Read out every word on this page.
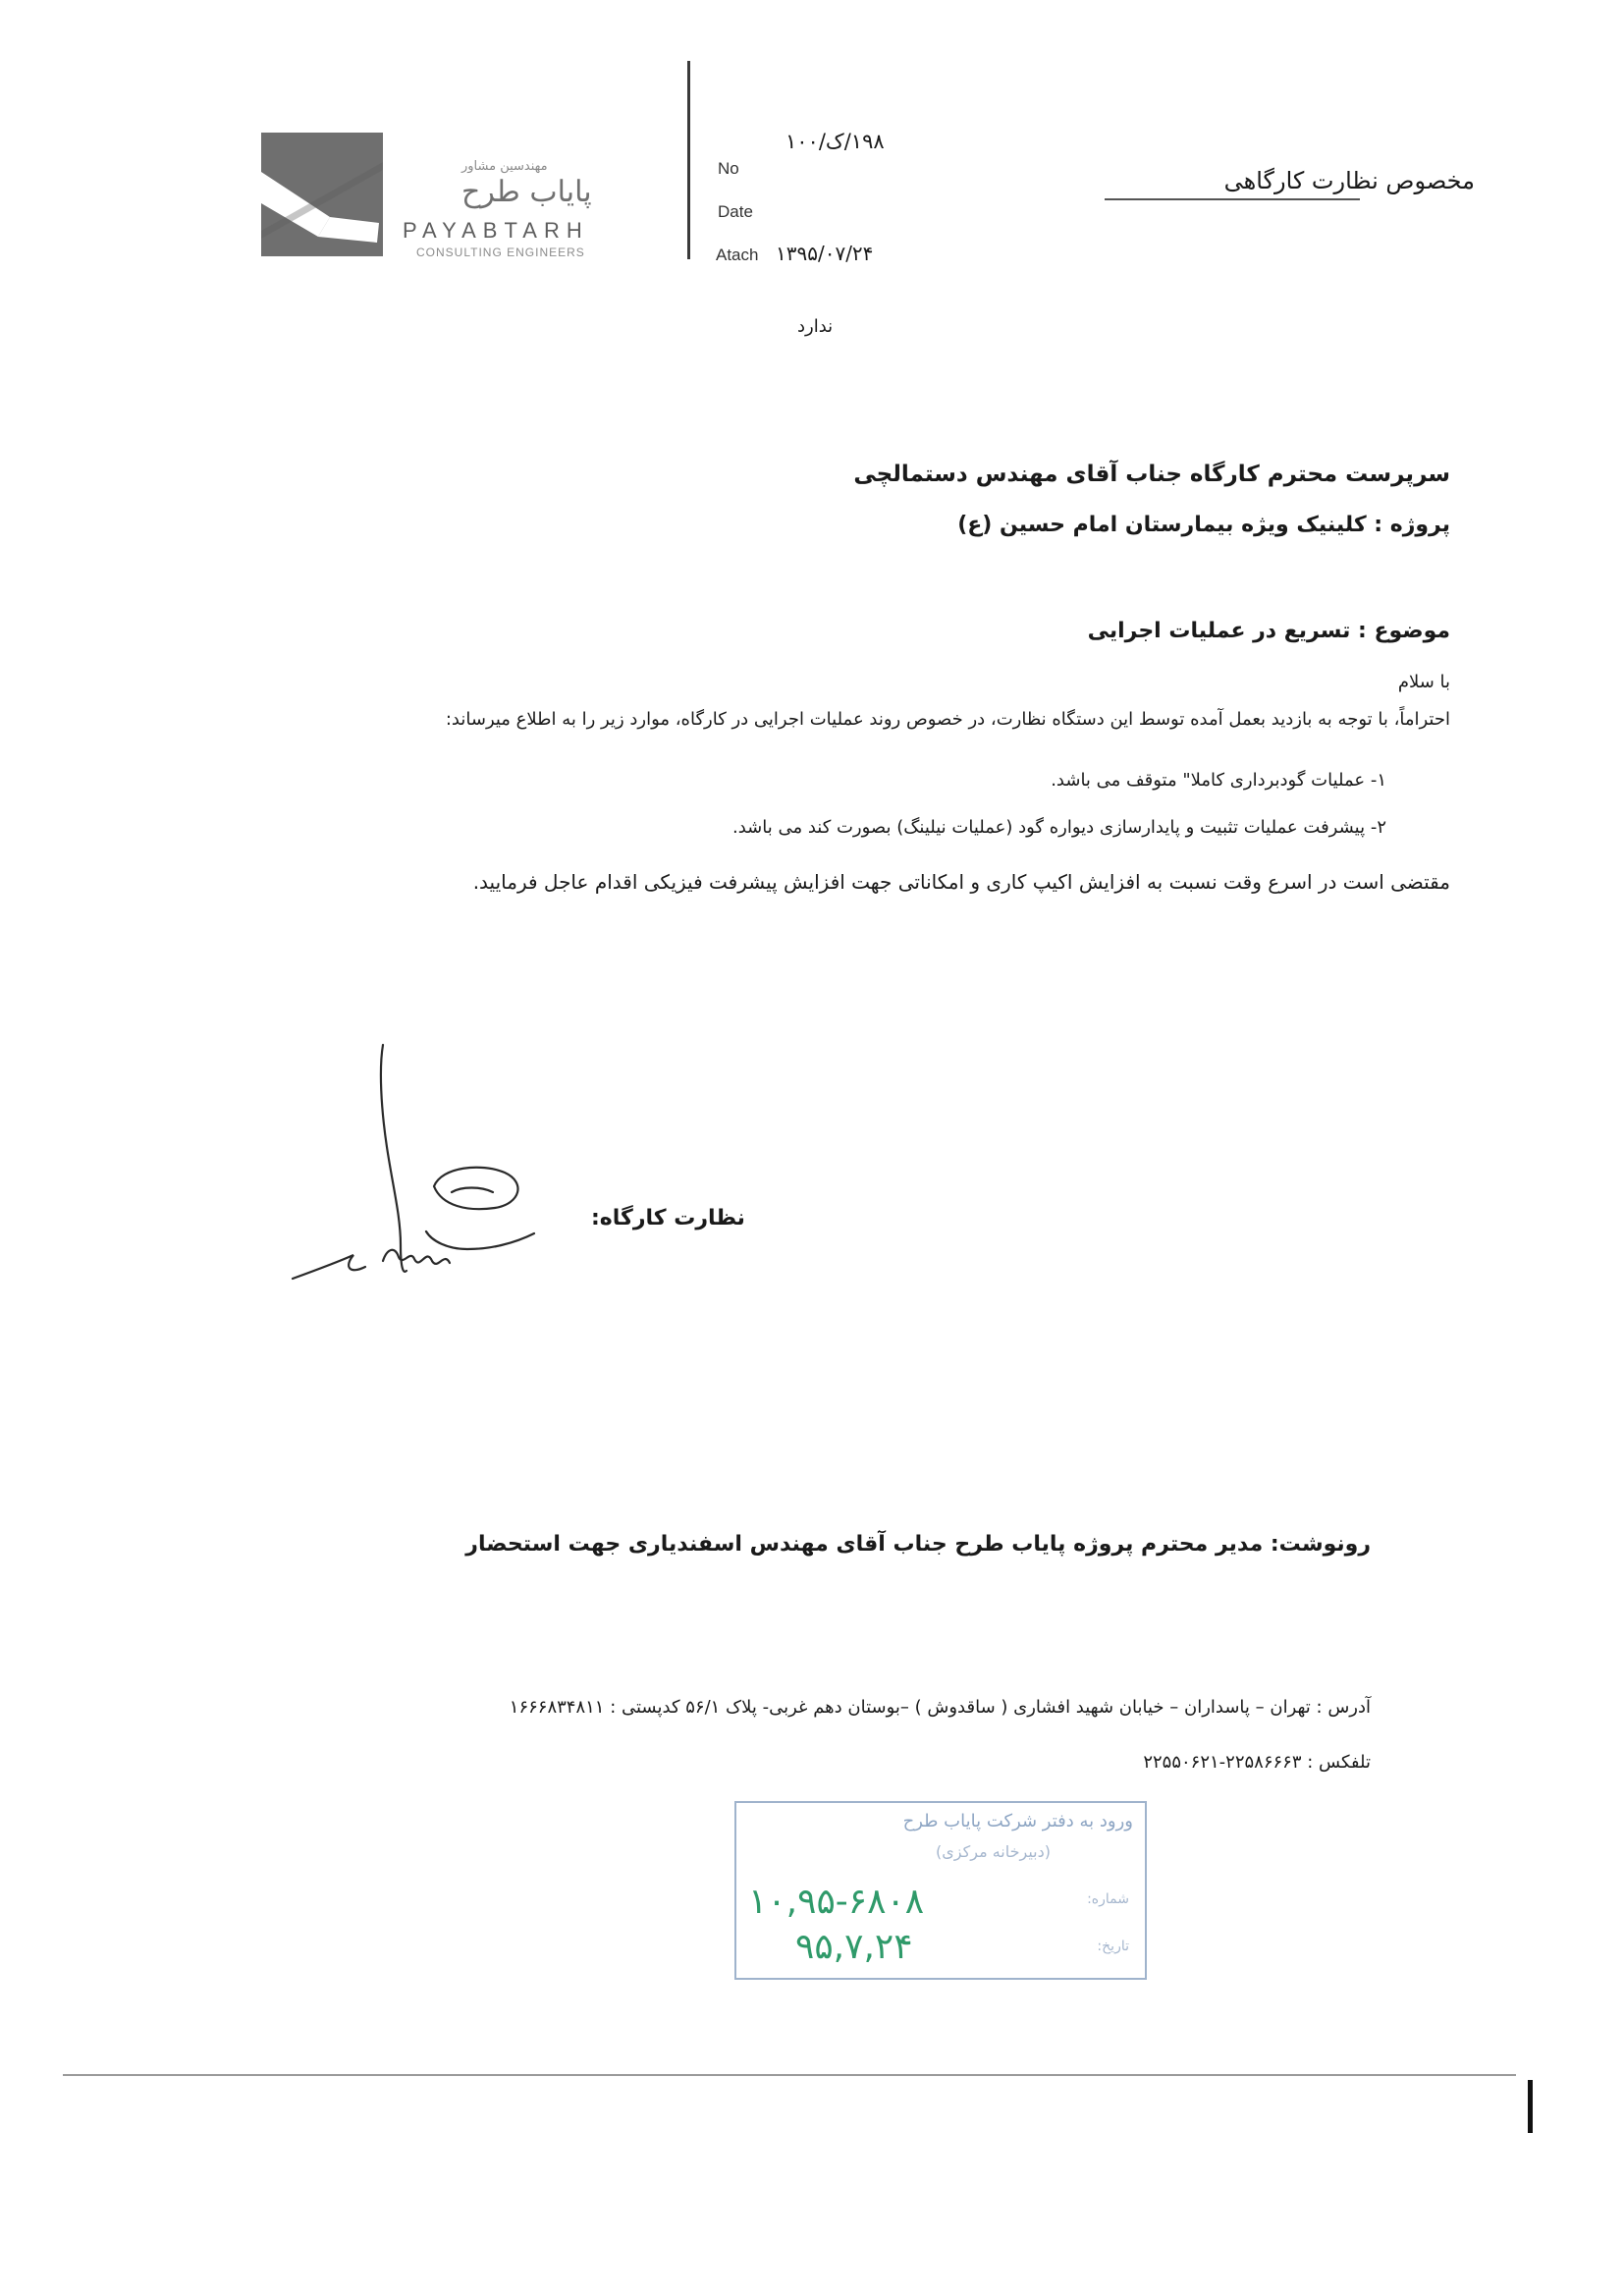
مهندسین مشاور
پایاب طرح
PAYABTARH
CONSULTING ENGINEERS
۱۹۸/ک/۱۰۰
No
Date
Atach ۱۳۹۵/۰۷/۲۴
ندارد
مخصوص نظارت کارگاهی
سرپرست محترم کارگاه جناب آقای مهندس دستمالچی
پروژه : کلینیک ویژه بیمارستان امام حسین (ع)
موضوع : تسریع در عملیات اجرایی
با سلام
احتراماً، با توجه به بازدید بعمل آمده توسط این دستگاه نظارت، در خصوص روند عملیات اجرایی در کارگاه، موارد زیر را به اطلاع میرساند:
۱- عملیات گودبرداری کاملا" متوقف می باشد.
۲- پیشرفت عملیات تثبیت و پایدارسازی دیواره گود (عملیات نیلینگ) بصورت کند می باشد.
مقتضی است در اسرع وقت نسبت به افزایش اکیپ کاری و امکاناتی جهت افزایش پیشرفت فیزیکی اقدام عاجل فرمایید.
نظارت کارگاه:
رونوشت: مدیر محترم پروژه پایاب طرح جناب آقای مهندس اسفندیاری جهت استحضار
آدرس : تهران – پاسداران – خیابان شهید افشاری ( ساقدوش ) –بوستان دهم غربی- پلاک ۵۶/۱ کدپستی : ۱۶۶۶۸۳۴۸۱۱
تلفکس : ۲۲۵۸۶۶۶۳-۲۲۵۵۰۶۲۱
ورود به دفتر شرکت پایاب طرح
(دبیرخانه مرکزی)
شماره:
تاریخ:
۱۰,۹۵-۶۸۰۸
۹۵,۷,۲۴
